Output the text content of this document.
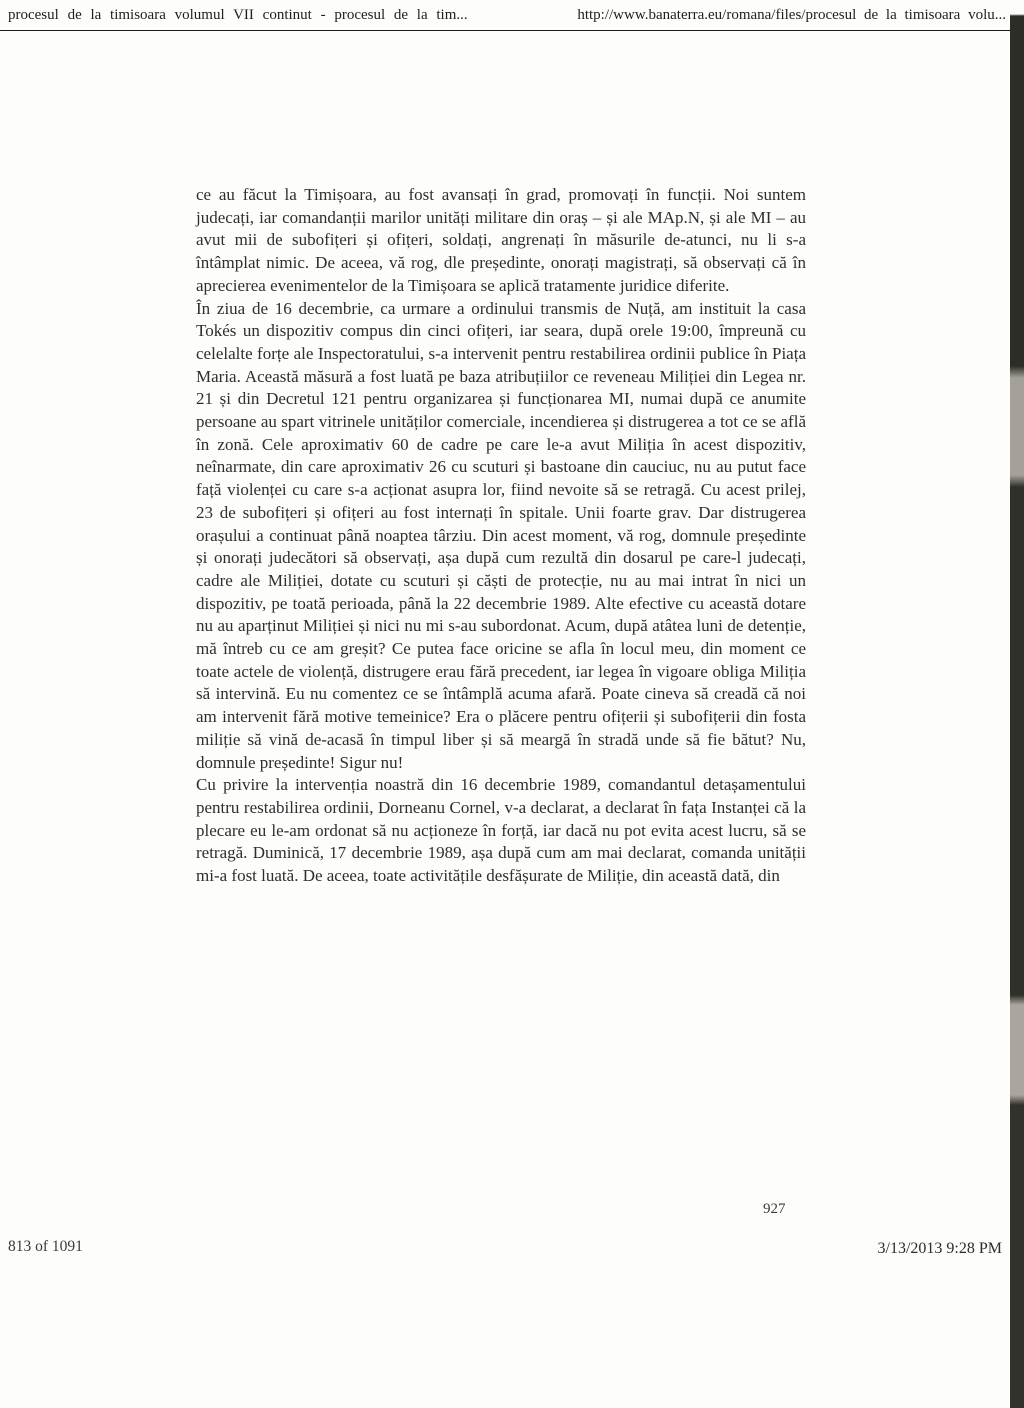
procesul de la timisoara volumul VII continut - procesul de la tim...	http://www.banaterra.eu/romana/files/procesul de la timisoara volu...

ce au făcut la Timișoara, au fost avansați în grad, promovați în funcții. Noi suntem judecați, iar comandanții marilor unități militare din oraș – și ale MAp.N, și ale MI – au avut mii de subofițeri și ofițeri, soldați, angrenați în măsurile de-atunci, nu li s-a întâmplat nimic. De aceea, vă rog, dle președinte, onorați magistrați, să observați că în aprecierea evenimentelor de la Timișoara se aplică tratamente juridice diferite.

În ziua de 16 decembrie, ca urmare a ordinului transmis de Nuță, am instituit la casa Tokés un dispozitiv compus din cinci ofițeri, iar seara, după orele 19:00, împreună cu celelalte forțe ale Inspectoratului, s-a intervenit pentru restabilirea ordinii publice în Piața Maria. Această măsură a fost luată pe baza atribuțiilor ce reveneau Miliției din Legea nr. 21 și din Decretul 121 pentru organizarea și funcționarea MI, numai după ce anumite persoane au spart vitrinele unităților comerciale, incendierea și distrugerea a tot ce se află în zonă. Cele aproximativ 60 de cadre pe care le-a avut Miliția în acest dispozitiv, neînarmate, din care aproximativ 26 cu scuturi și bastoane din cauciuc, nu au putut face față violenței cu care s-a acționat asupra lor, fiind nevoite să se retragă. Cu acest prilej, 23 de subofițeri și ofițeri au fost internați în spitale. Unii foarte grav. Dar distrugerea orașului a continuat până noaptea târziu. Din acest moment, vă rog, domnule președinte și onorați judecători să observați, așa după cum rezultă din dosarul pe care-l judecați, cadre ale Miliției, dotate cu scuturi și căști de protecție, nu au mai intrat în nici un dispozitiv, pe toată perioada, până la 22 decembrie 1989. Alte efective cu această dotare nu au aparținut Miliției și nici nu mi s-au subordonat. Acum, după atâtea luni de detenție, mă întreb cu ce am greșit? Ce putea face oricine se afla în locul meu, din moment ce toate actele de violență, distrugere erau fără precedent, iar legea în vigoare obliga Miliția să intervină. Eu nu comentez ce se întâmplă acuma afară. Poate cineva să creadă că noi am intervenit fără motive temeinice? Era o plăcere pentru ofițerii și subofițerii din fosta miliție să vină de-acasă în timpul liber și să meargă în stradă unde să fie bătut? Nu, domnule președinte! Sigur nu!

Cu privire la intervenția noastră din 16 decembrie 1989, comandantul detașamentului pentru restabilirea ordinii, Dorneanu Cornel, v-a declarat, a declarat în fața Instanței că la plecare eu le-am ordonat să nu acționeze în forță, iar dacă nu pot evita acest lucru, să se retragă. Duminică, 17 decembrie 1989, așa după cum am mai declarat, comanda unității mi-a fost luată. De aceea, toate activitățile desfășurate de Miliție, din această dată, din

927
813 of 1091	3/13/2013 9:28 PM
